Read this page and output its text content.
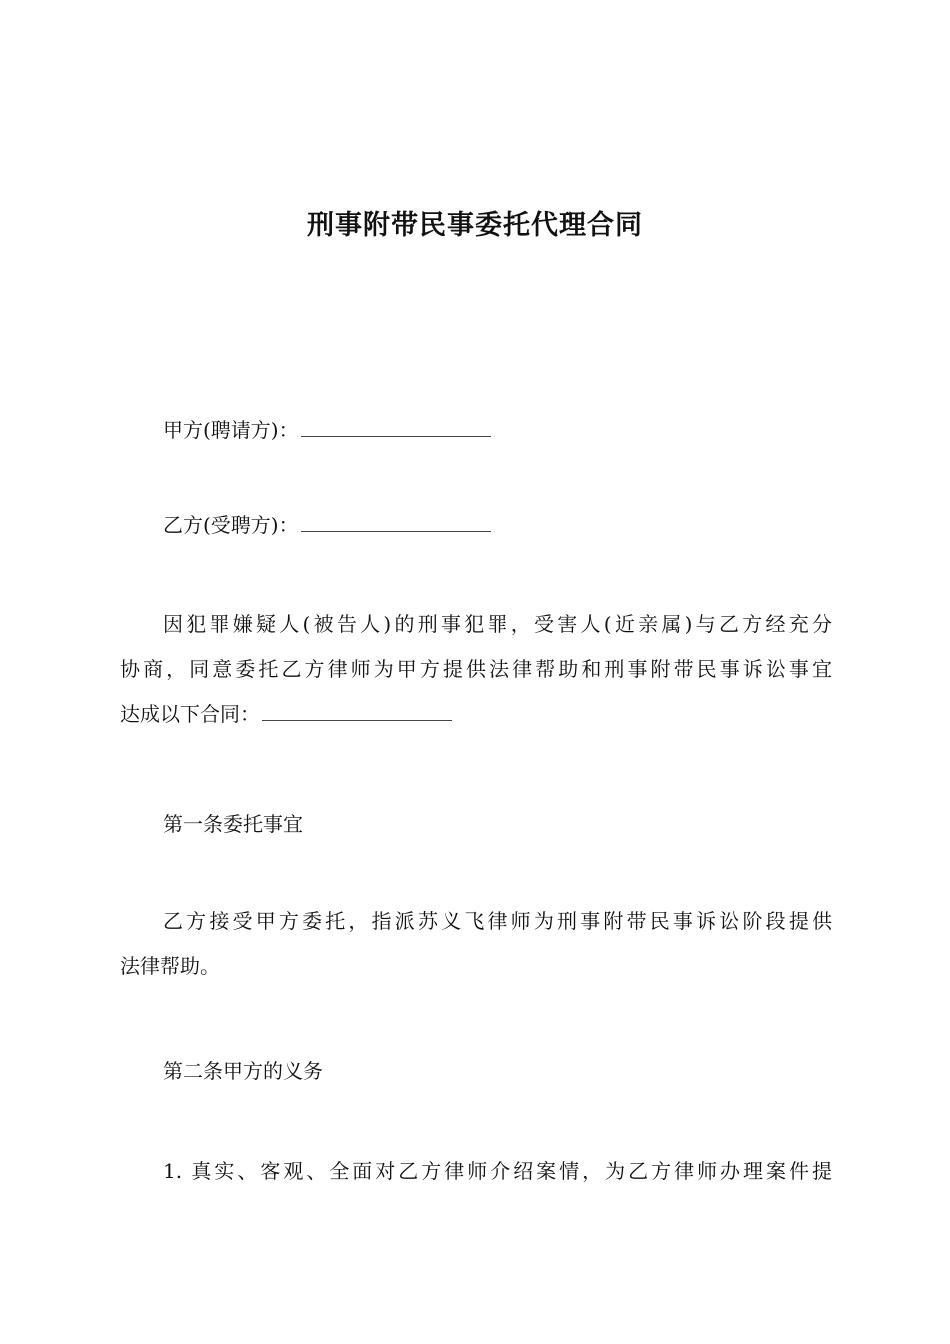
刑事附带民事委托代理合同
甲方(聘请方)：
乙方(受聘方)：
因犯罪嫌疑人(被告人)的刑事犯罪，受害人(近亲属)与乙方经充分
协商，同意委托乙方律师为甲方提供法律帮助和刑事附带民事诉讼事宜
达成以下合同：
第一条委托事宜
乙方接受甲方委托，指派苏义飞律师为刑事附带民事诉讼阶段提供
法律帮助。
第二条甲方的义务
1. 真实、客观、全面对乙方律师介绍案情，为乙方律师办理案件提
